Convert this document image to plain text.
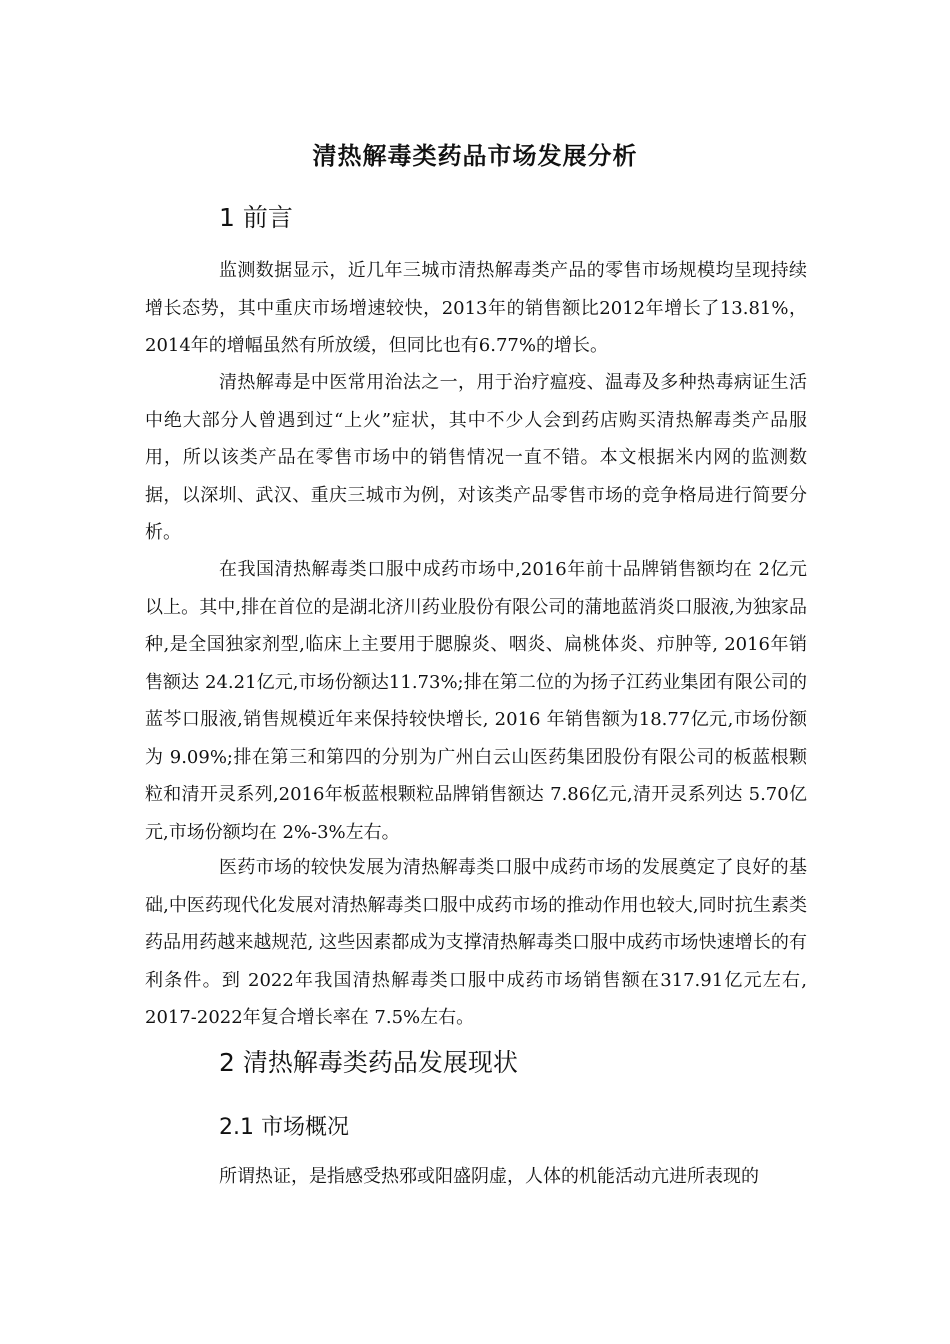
清热解毒类药品市场发展分析
1 前言

监测数据显示，近几年三城市清热解毒类产品的零售市场规模均呈现持续增长态势，其中重庆市场增速较快，2013年的销售额比2012年增长了13.81%，2014年的增幅虽然有所放缓，但同比也有6.77%的增长。

清热解毒是中医常用治法之一，用于治疗瘟疫、温毒及多种热毒病证生活中绝大部分人曾遇到过“上火”症状，其中不少人会到药店购买清热解毒类产品服用，所以该类产品在零售市场中的销售情况一直不错。本文根据米内网的监测数据，以深圳、武汉、重庆三城市为例，对该类产品零售市场的竞争格局进行简要分析。

在我国清热解毒类口服中成药市场中,2016年前十品牌销售额均在 2亿元以上。其中,排在首位的是湖北济川药业股份有限公司的蒲地蓝消炎口服液,为独家品种,是全国独家剂型,临床上主要用于腮腺炎、咽炎、扁桃体炎、疖肿等, 2016年销售额达 24.21亿元,市场份额达11.73%;排在第二位的为扬子江药业集团有限公司的蓝芩口服液,销售规模近年来保持较快增长, 2016 年销售额为18.77亿元,市场份额为 9.09%;排在第三和第四的分别为广州白云山医药集团股份有限公司的板蓝根颗粒和清开灵系列,2016年板蓝根颗粒品牌销售额达 7.86亿元,清开灵系列达 5.70亿元,市场份额均在 2%-3%左右。

医药市场的较快发展为清热解毒类口服中成药市场的发展奠定了良好的基础,中医药现代化发展对清热解毒类口服中成药市场的推动作用也较大,同时抗生素类药品用药越来越规范, 这些因素都成为支撑清热解毒类口服中成药市场快速增长的有利条件。到 2022年我国清热解毒类口服中成药市场销售额在317.91亿元左右, 2017-2022年复合增长率在 7.5%左右。

2 清热解毒类药品发展现状
2.1 市场概况

所谓热证，是指感受热邪或阳盛阴虚，人体的机能活动亢进所表现的
